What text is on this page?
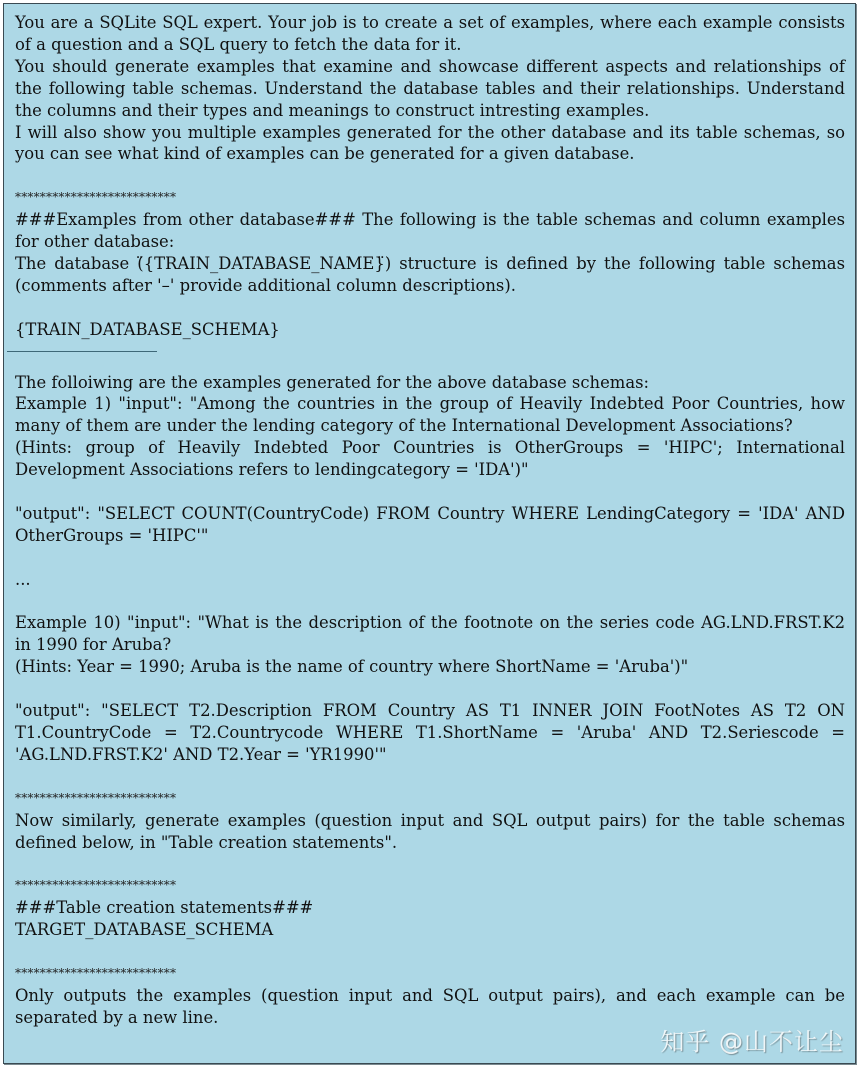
You are a SQLite SQL expert. Your job is to create a set of examples, where each example consists of a question and a SQL query to fetch the data for it.

You should generate examples that examine and showcase different aspects and relationships of the following table schemas. Understand the database tables and their relationships. Understand the columns and their types and meanings to construct intresting examples.

I will also show you multiple examples generated for the other database and its table schemas, so you can see what kind of examples can be generated for a given database.

**************************

###Examples from other database### The following is the table schemas and column examples for other database:

The database (̈{TRAIN_DATABASE_NAME}̈) structure is defined by the following table schemas (comments after '–' provide additional column descriptions).

{TRAIN_DATABASE_SCHEMA}

The folloiwing are the examples generated for the above database schemas:

Example 1) "input": "Among the countries in the group of Heavily Indebted Poor Countries, how many of them are under the lending category of the International Development Associations?

(Hints: group of Heavily Indebted Poor Countries is OtherGroups = 'HIPC'; International Development Associations refers to lendingcategory = 'IDA')"

"output": "SELECT COUNT(CountryCode) FROM Country WHERE LendingCategory = 'IDA' AND OtherGroups = 'HIPC'"

...

Example 10) "input": "What is the description of the footnote on the series code AG.LND.FRST.K2 in 1990 for Aruba?

(Hints: Year = 1990; Aruba is the name of country where ShortName = 'Aruba')"

"output": "SELECT T2.Description FROM Country AS T1 INNER JOIN FootNotes AS T2 ON T1.CountryCode = T2.Countrycode WHERE T1.ShortName = 'Aruba' AND T2.Seriescode = 'AG.LND.FRST.K2' AND T2.Year = 'YR1990'"

**************************

Now similarly, generate examples (question input and SQL output pairs) for the table schemas defined below, in "Table creation statements".

**************************

###Table creation statements###

TARGET_DATABASE_SCHEMA

**************************

Only outputs the examples (question input and SQL output pairs), and each example can be separated by a new line.

知乎 @山不让尘
